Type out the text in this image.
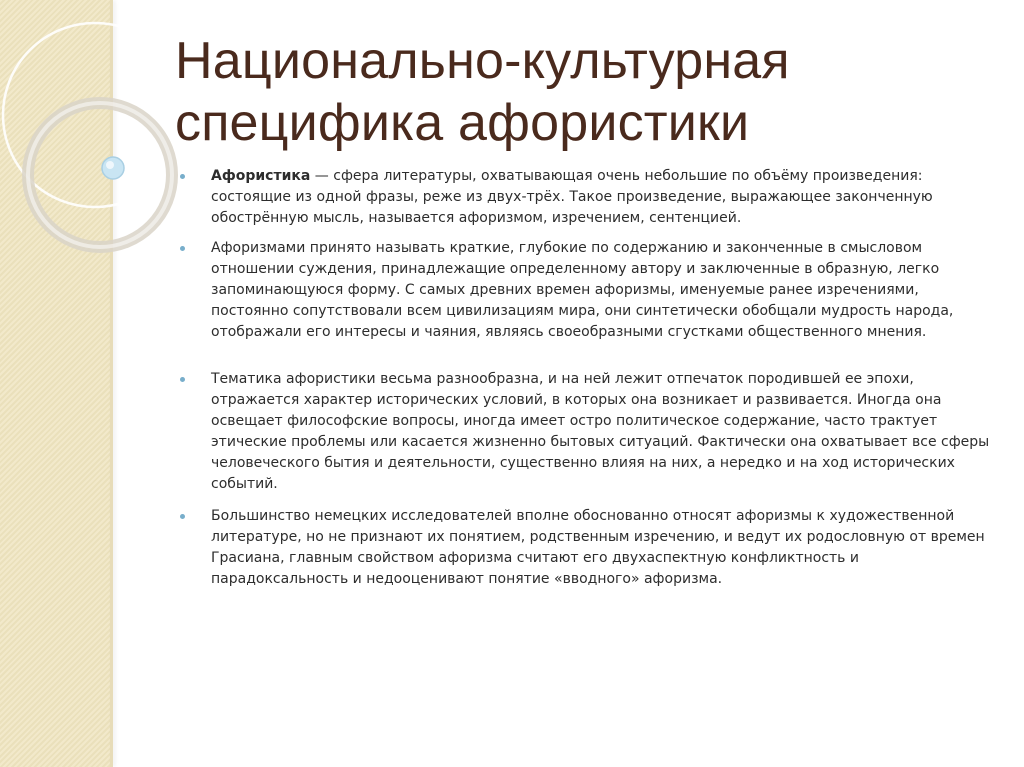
Национально-культурная
специфика афористики
Афористика — сфера литературы, охватывающая очень небольшие по объёму произведения: состоящие из одной фразы, реже из двух-трёх. Такое произведение, выражающее законченную обострённую мысль, называется афоризмом, изречением, сентенцией.
Афоризмами принято называть краткие, глубокие по содержанию и законченные в смысловом отношении суждения, принадлежащие определенному автору и заключенные в образную, легко запоминающуюся форму. С самых древних времен афоризмы, именуемые ранее изречениями, постоянно сопутствовали всем цивилизациям мира, они синтетически обобщали мудрость народа, отображали его интересы и чаяния, являясь своеобразными сгустками общественного мнения.
Тематика афористики весьма разнообразна, и на ней лежит отпечаток породившей ее эпохи, отражается характер исторических условий, в которых она возникает и развивается. Иногда она освещает философские вопросы, иногда имеет остро политическое содержание, часто трактует этические проблемы или касается жизненно бытовых ситуаций. Фактически она охватывает все сферы человеческого бытия и деятельности, существенно влияя на них, а нередко и на ход исторических событий.
Большинство немецких исследователей вполне обоснованно относят афоризмы к художественной литературе, но не признают их понятием, родственным изречению, и ведут их родословную от времен Грасиана, главным свойством афоризма считают его двухаспектную конфликтность и парадоксальность и недооценивают понятие «вводного» афоризма.
